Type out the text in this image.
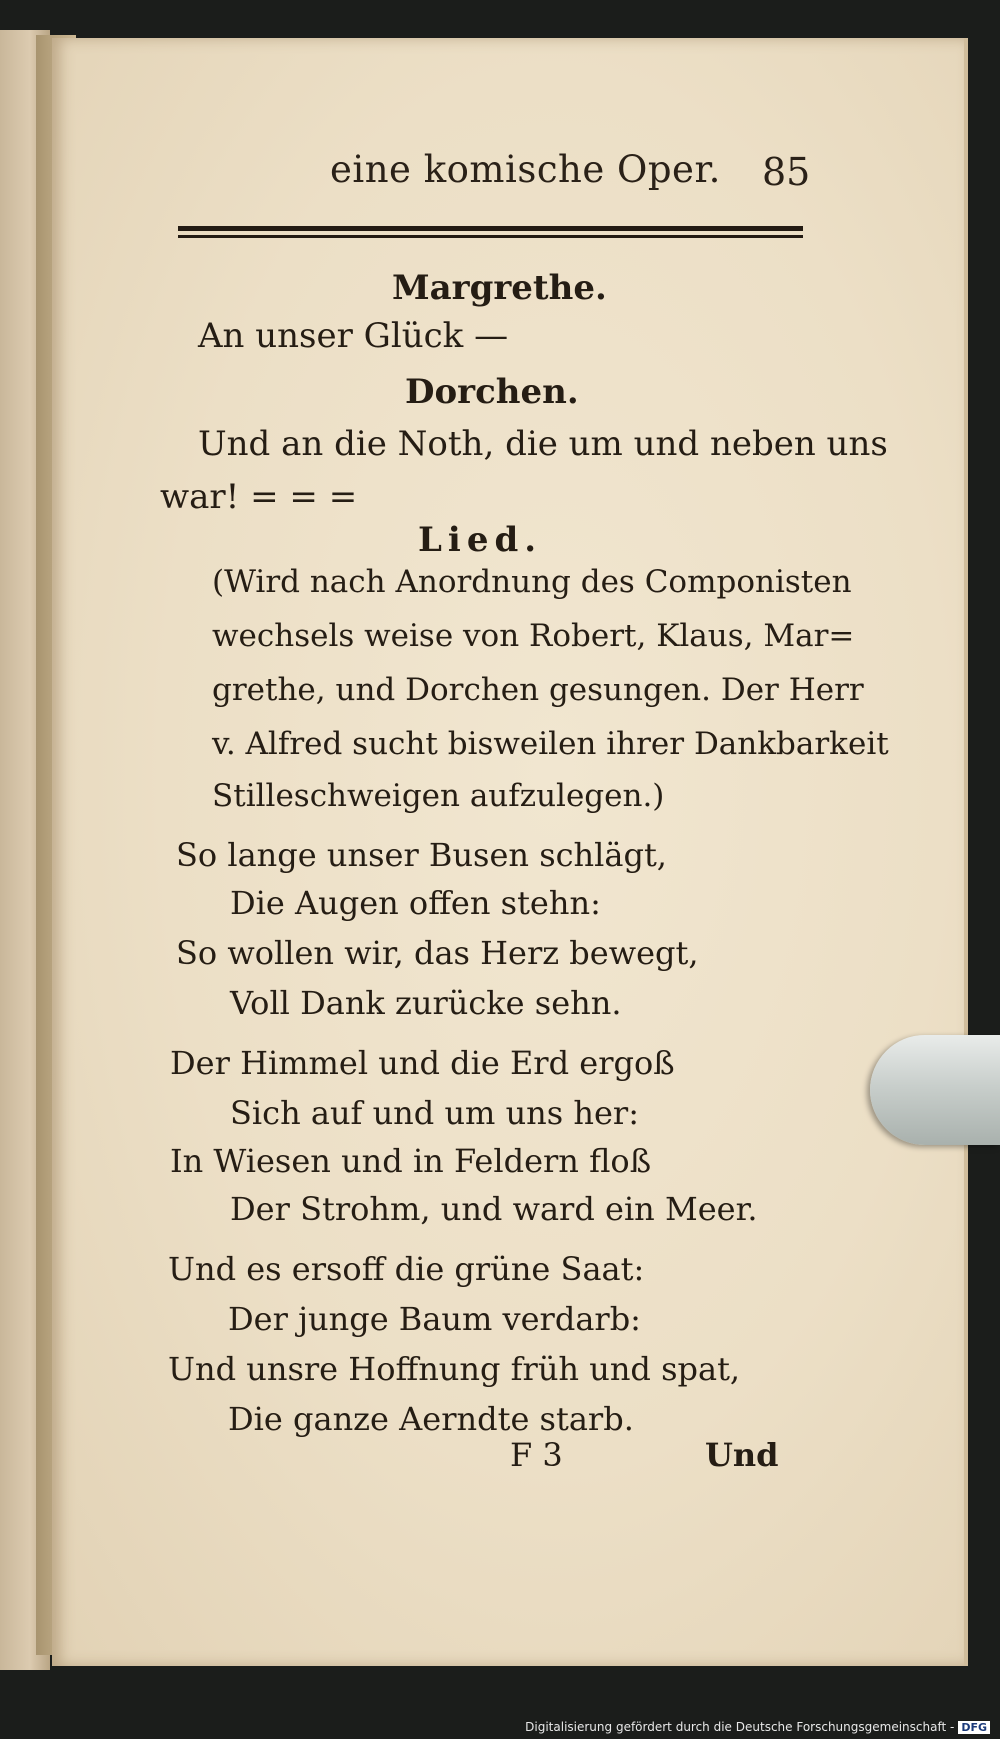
eine komische Oper. 85
Margrethe.
An unser Glück —
Dorchen.
Und an die Noth, die um und neben uns
war! = = =
Lied.
(Wird nach Anordnung des Componisten
wechsels weise von Robert, Klaus, Mar=
grethe, und Dorchen gesungen. Der Herr
v. Alfred sucht bisweilen ihrer Dankbarkeit
Stilleschweigen aufzulegen.)
So lange unser Busen schlägt,
Die Augen offen stehn:
So wollen wir, das Herz bewegt,
Voll Dank zurücke sehn.
Der Himmel und die Erd ergoß
Sich auf und um uns her:
In Wiesen und in Feldern floß
Der Strohm, und ward ein Meer.
Und es ersoff die grüne Saat:
Der junge Baum verdarb:
Und unsre Hoffnung früh und spat,
Die ganze Aerndte starb.
F 3	Und
Digitalisierung gefördert durch die Deutsche Forschungsgemeinschaft - DFG
